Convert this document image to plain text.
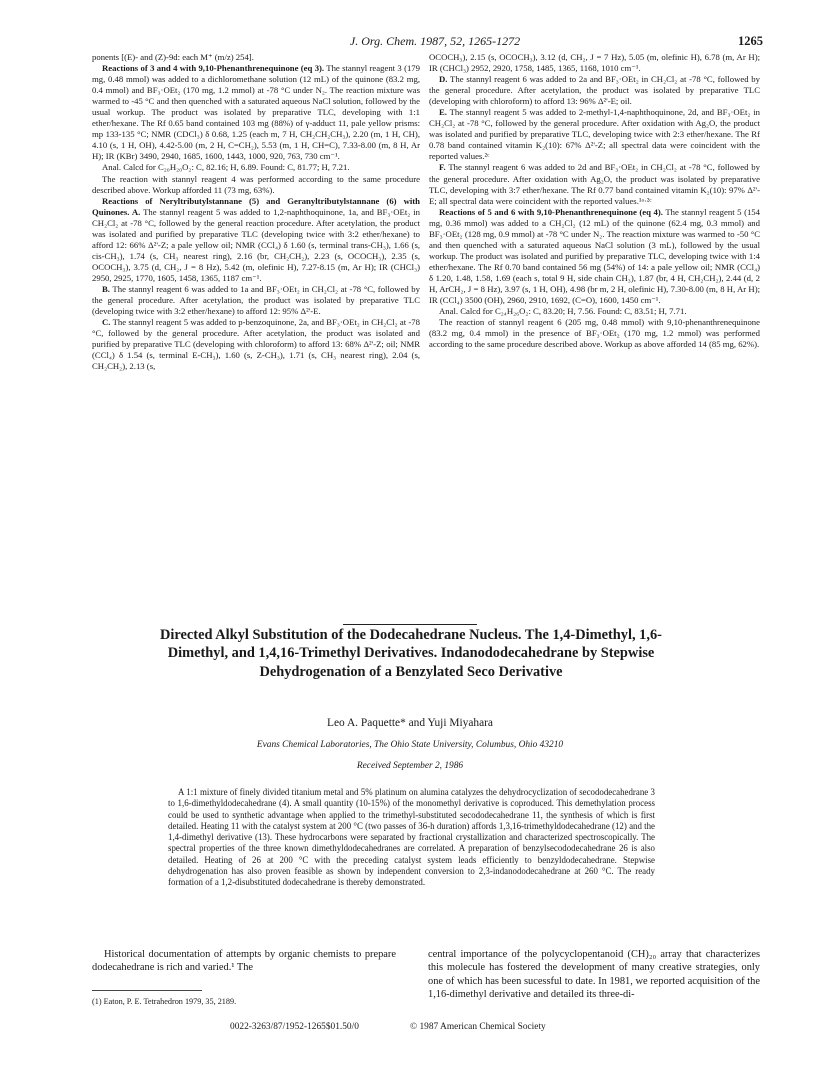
J. Org. Chem. 1987, 52, 1265-1272	1265

ponents [(E)- and (Z)-9d: each M⁺ (m/z) 254].

Reactions of 3 and 4 with 9,10-Phenanthrenequinone (eq 3). The stannyl reagent 3 (179 mg, 0.48 mmol) was added to a dichloromethane solution (12 mL) of the quinone (83.2 mg, 0.4 mmol) and BF₃·OEt₂ (170 mg, 1.2 mmol) at -78 °C under N₂. The reaction mixture was warmed to -45 °C and then quenched with a saturated aqueous NaCl solution, followed by the usual workup. The product was isolated by preparative TLC, developing with 1:1 ether/hexane. The Rf 0.65 band contained 103 mg (88%) of γ-adduct 11, pale yellow prisms: mp 133-135 °C; NMR (CDCl₃) δ 0.68, 1.25 (each m, 7 H, CH₂CH₂CH₃), 2.20 (m, 1 H, CH), 4.10 (s, 1 H, OH), 4.42-5.00 (m, 2 H, C=CH₂), 5.53 (m, 1 H, CH=C), 7.33-8.00 (m, 8 H, Ar H); IR (KBr) 3490, 2940, 1685, 1600, 1443, 1000, 920, 763, 730 cm⁻¹.

Anal. Calcd for C₂₀H₂₀O₂: C, 82.16; H, 6.89. Found: C, 81.77; H, 7.21.

The reaction with stannyl reagent 4 was performed according to the same procedure described above. Workup afforded 11 (73 mg, 63%).

Reactions of Neryltributylstannane (5) and Geranyltributylstannane (6) with Quinones. A. The stannyl reagent 5 was added to 1,2-naphthoquinone, 1a, and BF₃·OEt₂ in CH₂Cl₂ at -78 °C, followed by the general reaction procedure. After acetylation, the product was isolated and purified by preparative TLC (developing twice with 3:2 ether/hexane) to afford 12: 66% Δ²'-Z; a pale yellow oil; NMR (CCl₄) δ 1.60 (s, terminal trans-CH₃), 1.66 (s, cis-CH₃), 1.74 (s, CH₃ nearest ring), 2.16 (br, CH₂CH₂), 2.23 (s, OCOCH₃), 2.35 (s, OCOCH₃), 3.75 (d, CH₂, J = 8 Hz), 5.42 (m, olefinic H), 7.27-8.15 (m, Ar H); IR (CHCl₃) 2950, 2925, 1770, 1605, 1458, 1365, 1187 cm⁻¹.

B. The stannyl reagent 6 was added to 1a and BF₃·OEt₂ in CH₂Cl₂ at -78 °C, followed by the general procedure. After acetylation, the product was isolated by preparative TLC (developing twice with 3:2 ether/hexane) to afford 12: 95% Δ²'-E.

C. The stannyl reagent 5 was added to p-benzoquinone, 2a, and BF₃·OEt₂ in CH₂Cl₂ at -78 °C, followed by the general procedure. After acetylation, the product was isolated and purified by preparative TLC (developing with chloroform) to afford 13: 68% Δ²'-Z; oil; NMR (CCl₄) δ 1.54 (s, terminal E-CH₃), 1.60 (s, Z-CH₃), 1.71 (s, CH₃ nearest ring), 2.04 (s, CH₂CH₂), 2.13 (s,

OCOCH₃), 2.15 (s, OCOCH₃), 3.12 (d, CH₂, J = 7 Hz), 5.05 (m, olefinic H), 6.78 (m, Ar H); IR (CHCl₃) 2952, 2920, 1758, 1485, 1365, 1168, 1010 cm⁻¹.

D. The stannyl reagent 6 was added to 2a and BF₃·OEt₂ in CH₂Cl₂ at -78 °C, followed by the general procedure. After acetylation, the product was isolated by preparative TLC (developing with chloroform) to afford 13: 96% Δ²'-E; oil.

E. The stannyl reagent 5 was added to 2-methyl-1,4-naphthoquinone, 2d, and BF₃·OEt₂ in CH₂Cl₂ at -78 °C, followed by the general procedure. After oxidation with Ag₂O, the product was isolated and purified by preparative TLC, developing twice with 2:3 ether/hexane. The Rf 0.78 band contained vitamin K₂(10): 67% Δ²'-Z; all spectral data were coincident with the reported values.²ᶜ

F. The stannyl reagent 6 was added to 2d and BF₃·OEt₂ in CH₂Cl₂ at -78 °C, followed by the general procedure. After oxidation with Ag₂O, the product was isolated by preparative TLC, developing with 3:7 ether/hexane. The Rf 0.77 band contained vitamin K₂(10): 97% Δ²'-E; all spectral data were coincident with the reported values.¹ᵃ·²ᶜ

Reactions of 5 and 6 with 9,10-Phenanthrenequinone (eq 4). The stannyl reagent 5 (154 mg, 0.36 mmol) was added to a CH₂Cl₂ (12 mL) of the quinone (62.4 mg, 0.3 mmol) and BF₃·OEt₂ (128 mg, 0.9 mmol) at -78 °C under N₂. The reaction mixture was warmed to -50 °C and then quenched with a saturated aqueous NaCl solution (3 mL), followed by the usual workup. The product was isolated and purified by preparative TLC, developing twice with 1:4 ether/hexane. The Rf 0.70 band contained 56 mg (54%) of 14: a pale yellow oil; NMR (CCl₄) δ 1.20, 1.48, 1.58, 1.69 (each s, total 9 H, side chain CH₃), 1.87 (br, 4 H, CH₂CH₂), 2.44 (d, 2 H, ArCH₂, J = 8 Hz), 3.97 (s, 1 H, OH), 4.98 (br m, 2 H, olefinic H), 7.30-8.00 (m, 8 H, Ar H); IR (CCl₄) 3500 (OH), 2960, 2910, 1692, (C=O), 1600, 1450 cm⁻¹.

Anal. Calcd for C₂₄H₂₆O₂: C, 83.20; H, 7.56. Found: C, 83.51; H, 7.71.

The reaction of stannyl reagent 6 (205 mg, 0.48 mmol) with 9,10-phenanthrenequinone (83.2 mg, 0.4 mmol) in the presence of BF₃·OEt₂ (170 mg, 1.2 mmol) was performed according to the same procedure described above. Workup as above afforded 14 (85 mg, 62%).

Directed Alkyl Substitution of the Dodecahedrane Nucleus. The 1,4-Dimethyl, 1,6-Dimethyl, and 1,4,16-Trimethyl Derivatives. Indanododecahedrane by Stepwise Dehydrogenation of a Benzylated Seco Derivative
Leo A. Paquette* and Yuji Miyahara
Evans Chemical Laboratories, The Ohio State University, Columbus, Ohio 43210
Received September 2, 1986

A 1:1 mixture of finely divided titanium metal and 5% platinum on alumina catalyzes the dehydrocyclization of secododecahedrane 3 to 1,6-dimethyldodecahedrane (4). A small quantity (10-15%) of the monomethyl derivative is coproduced. This demethylation process could be used to synthetic advantage when applied to the trimethyl-substituted secododecahedrane 11, the synthesis of which is first detailed. Heating 11 with the catalyst system at 200 °C (two passes of 36-h duration) affords 1,3,16-trimethyldodecahedrane (12) and the 1,4-dimethyl derivative (13). These hydrocarbons were separated by fractional crystallization and characterized spectroscopically. The spectral properties of the three known dimethyldodecahedranes are correlated. A preparation of benzylsecododecahedrane 26 is also detailed. Heating of 26 at 200 °C with the preceding catalyst system leads efficiently to benzyldodecahedrane. Stepwise dehydrogenation has also proven feasible as shown by independent conversion to 2,3-indanododecahedrane at 260 °C. The ready formation of a 1,2-disubstituted dodecahedrane is thereby demonstrated.

Historical documentation of attempts by organic chemists to prepare dodecahedrane is rich and varied.¹ The

central importance of the polycyclopentanoid (CH)₂₀ array that characterizes this molecule has fostered the development of many creative strategies, only one of which has been sucessful to date. In 1981, we reported acquisition of the 1,16-dimethyl derivative and detailed its three-di-

(1) Eaton, P. E. Tetrahedron 1979, 35, 2189.
0022-3263/87/1952-1265$01.50/0	© 1987 American Chemical Society
